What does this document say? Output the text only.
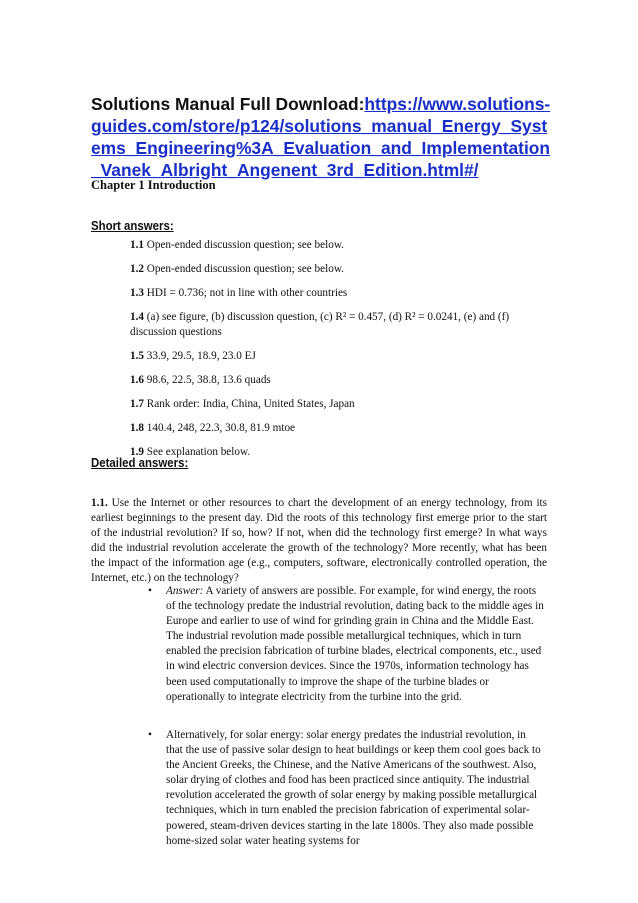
Solutions Manual Full Download:https://www.solutions-
guides.com/store/p124/solutions_manual_Energy_Syst
ems_Engineering%3A_Evaluation_and_Implementation
_Vanek_Albright_Angenent_3rd_Edition.html#/
Chapter 1 Introduction
Short answers:
1.1 Open-ended discussion question; see below.
1.2 Open-ended discussion question; see below.
1.3 HDI = 0.736; not in line with other countries
1.4 (a) see figure, (b) discussion question, (c) R² = 0.457, (d) R² = 0.0241, (e) and (f) discussion questions
1.5 33.9, 29.5, 18.9, 23.0 EJ
1.6 98.6, 22.5, 38.8, 13.6 quads
1.7 Rank order: India, China, United States, Japan
1.8 140.4, 248, 22.3, 30.8, 81.9 mtoe
1.9 See explanation below.
Detailed answers:
1.1. Use the Internet or other resources to chart the development of an energy technology, from its earliest beginnings to the present day. Did the roots of this technology first emerge prior to the start of the industrial revolution? If so, how? If not, when did the technology first emerge? In what ways did the industrial revolution accelerate the growth of the technology? More recently, what has been the impact of the information age (e.g., computers, software, electronically controlled operation, the Internet, etc.) on the technology?
• Answer: A variety of answers are possible. For example, for wind energy, the roots of the technology predate the industrial revolution, dating back to the middle ages in Europe and earlier to use of wind for grinding grain in China and the Middle East. The industrial revolution made possible metallurgical techniques, which in turn enabled the precision fabrication of turbine blades, electrical components, etc., used in wind electric conversion devices. Since the 1970s, information technology has been used computationally to improve the shape of the turbine blades or operationally to integrate electricity from the turbine into the grid.
• Alternatively, for solar energy: solar energy predates the industrial revolution, in that the use of passive solar design to heat buildings or keep them cool goes back to the Ancient Greeks, the Chinese, and the Native Americans of the southwest. Also, solar drying of clothes and food has been practiced since antiquity. The industrial revolution accelerated the growth of solar energy by making possible metallurgical techniques, which in turn enabled the precision fabrication of experimental solar-powered, steam-driven devices starting in the late 1800s. They also made possible home-sized solar water heating systems for
